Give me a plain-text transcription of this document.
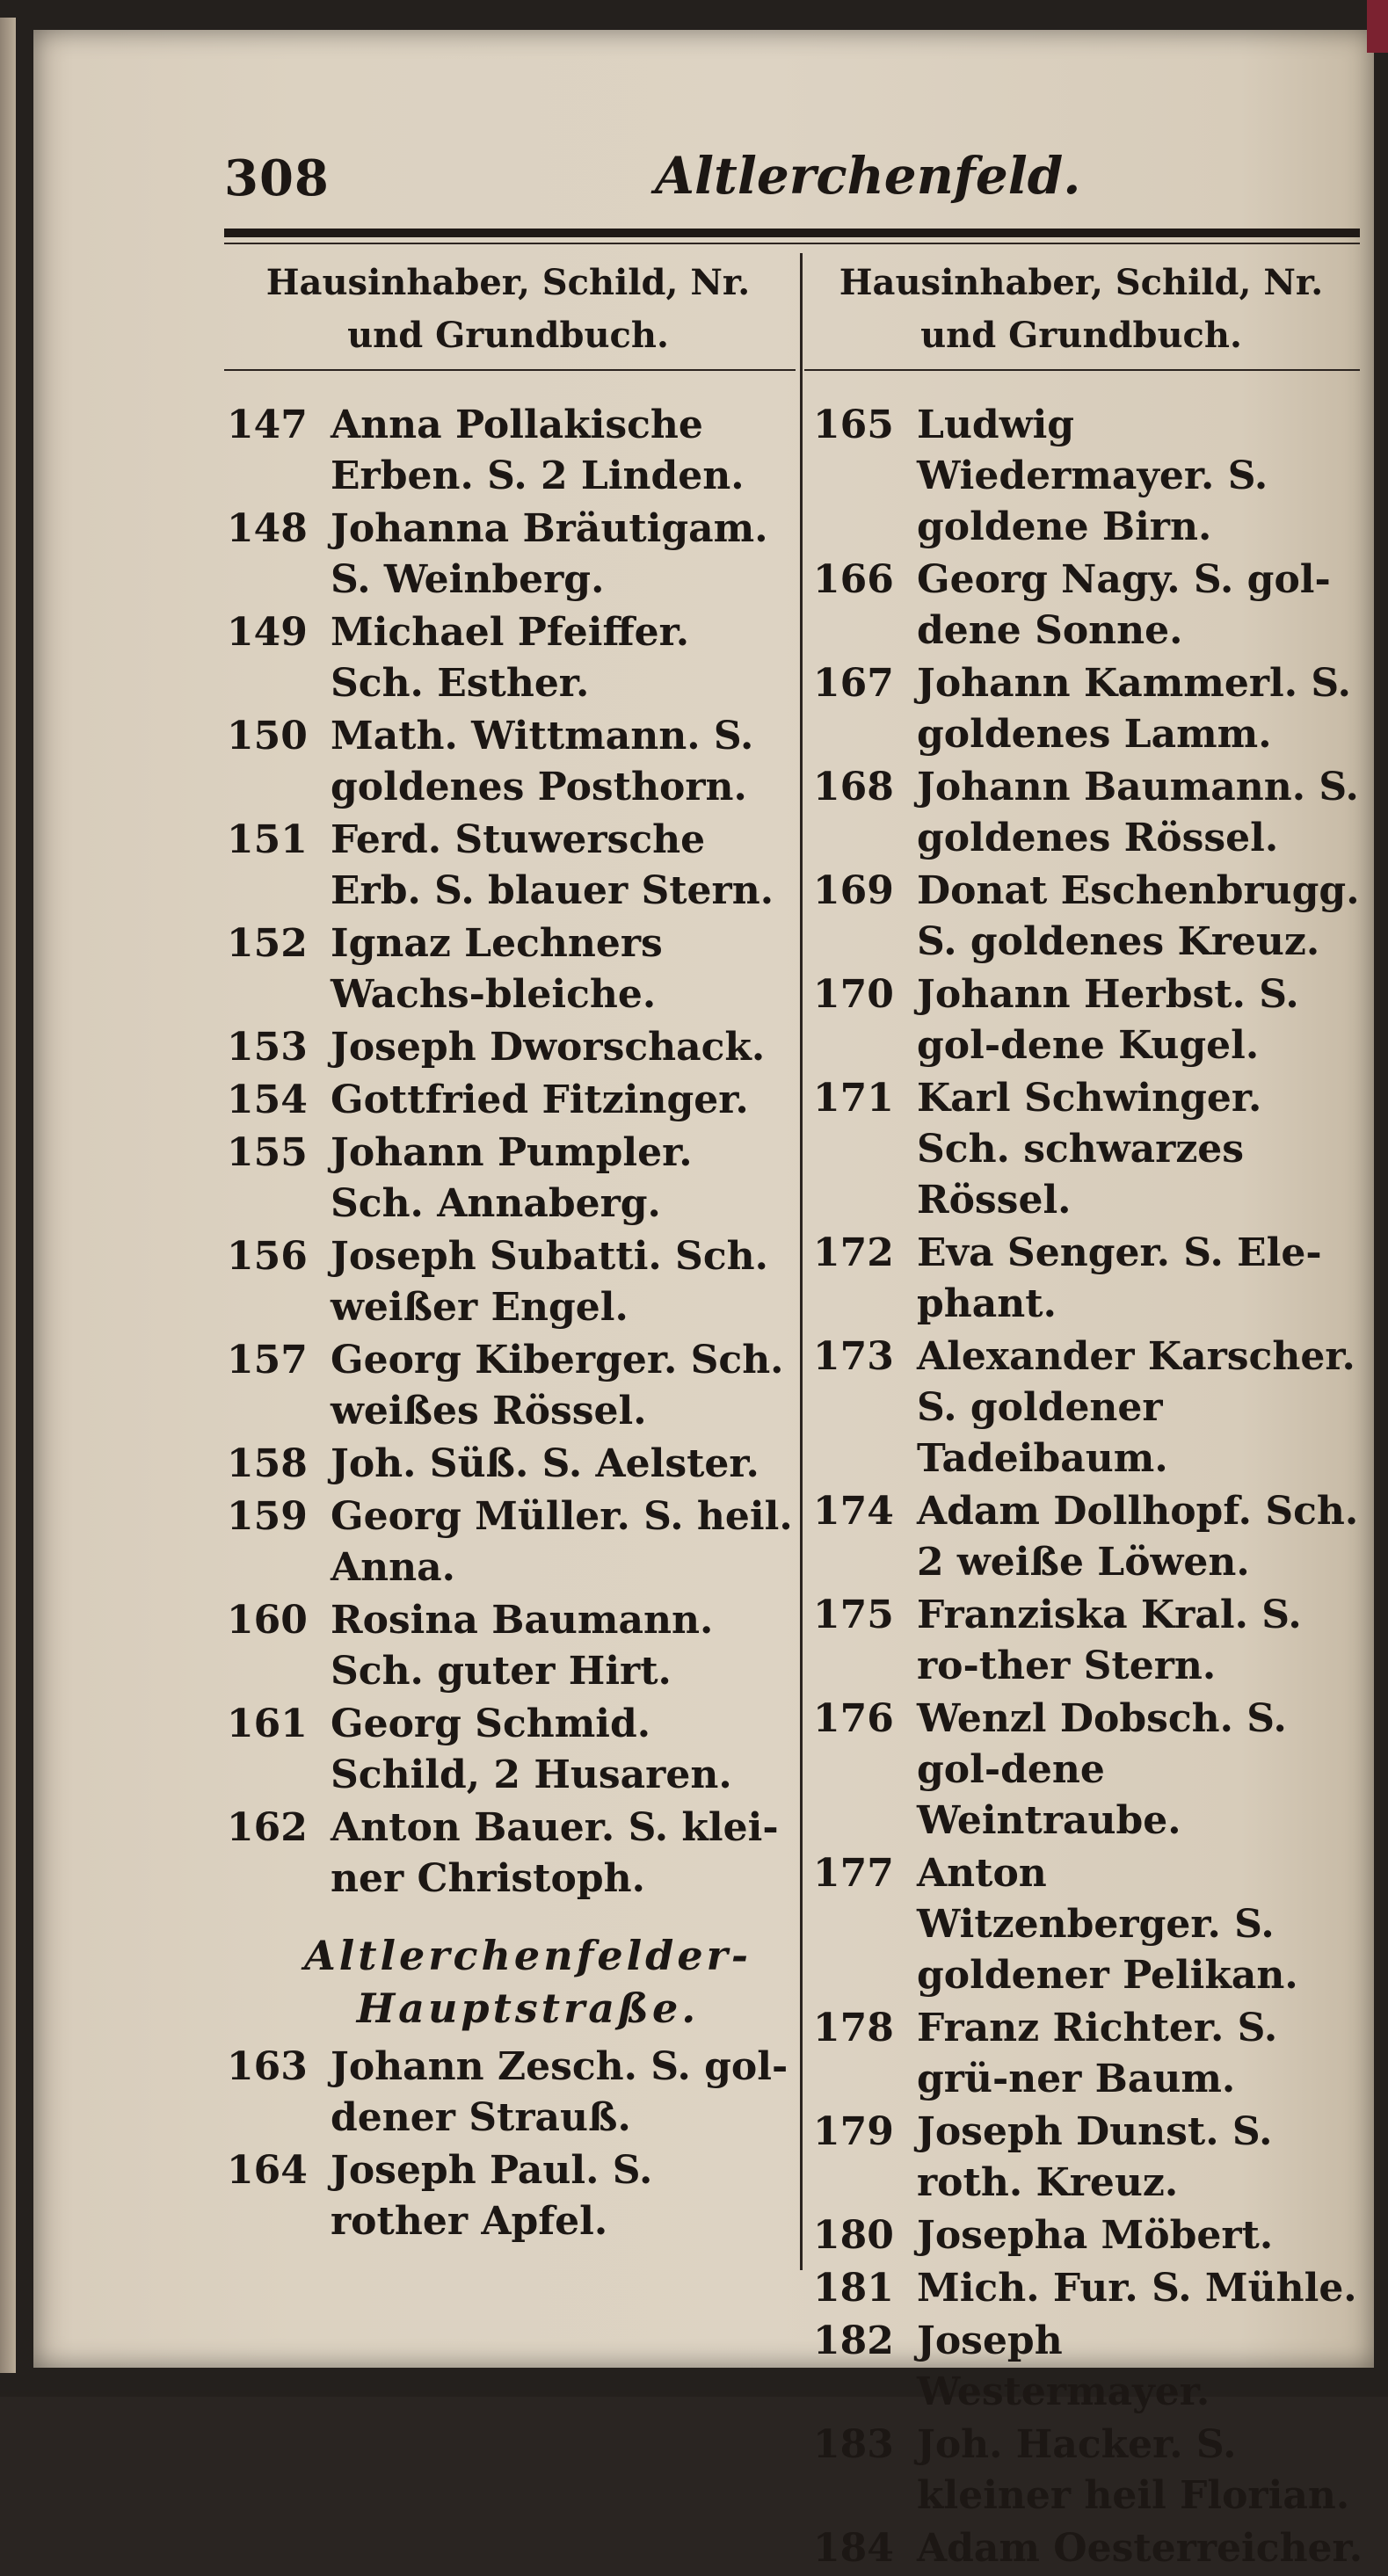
308	Altlerchenfeld.
Hausinhaber, Schild, Nr. und Grundbuch.
Hausinhaber, Schild, Nr. und Grundbuch.
147 Anna Pollakische Erben. S. 2 Linden.
148 Johanna Bräutigam. S. Weinberg.
149 Michael Pfeiffer. Sch. Esther.
150 Math. Wittmann. S. goldenes Posthorn.
151 Ferd. Stuwersche Erb. S. blauer Stern.
152 Ignaz Lechners Wachs-bleiche.
153 Joseph Dworschack.
154 Gottfried Fitzinger.
155 Johann Pumpler. Sch. Annaberg.
156 Joseph Subatti. Sch. weißer Engel.
157 Georg Kiberger. Sch. weißes Rössel.
158 Joh. Süß. S. Aelster.
159 Georg Müller. S. heil. Anna.
160 Rosina Baumann. Sch. guter Hirt.
161 Georg Schmid. Schild, 2 Husaren.
162 Anton Bauer. S. klei-ner Christoph.
Altlerchenfelder-
Hauptstraße.
163 Johann Zesch. S. gol-dener Strauß.
164 Joseph Paul. S. rother Apfel.
165 Ludwig Wiedermayer. S. goldene Birn.
166 Georg Nagy. S. gol-dene Sonne.
167 Johann Kammerl. S. goldenes Lamm.
168 Johann Baumann. S. goldenes Rössel.
169 Donat Eschenbrugg. S. goldenes Kreuz.
170 Johann Herbst. S. gol-dene Kugel.
171 Karl Schwinger. Sch. schwarzes Rössel.
172 Eva Senger. S. Ele-phant.
173 Alexander Karscher. S. goldener Tadeibaum.
174 Adam Dollhopf. Sch. 2 weiße Löwen.
175 Franziska Kral. S. ro-ther Stern.
176 Wenzl Dobsch. S. gol-dene Weintraube.
177 Anton Witzenberger. S. goldener Pelikan.
178 Franz Richter. S. grü-ner Baum.
179 Joseph Dunst. S. roth. Kreuz.
180 Josepha Möbert.
181 Mich. Fur. S. Mühle.
182 Joseph Westermayer.
183 Joh. Hacker. S. kleiner heil Florian.
184 Adam Oesterreicher.
